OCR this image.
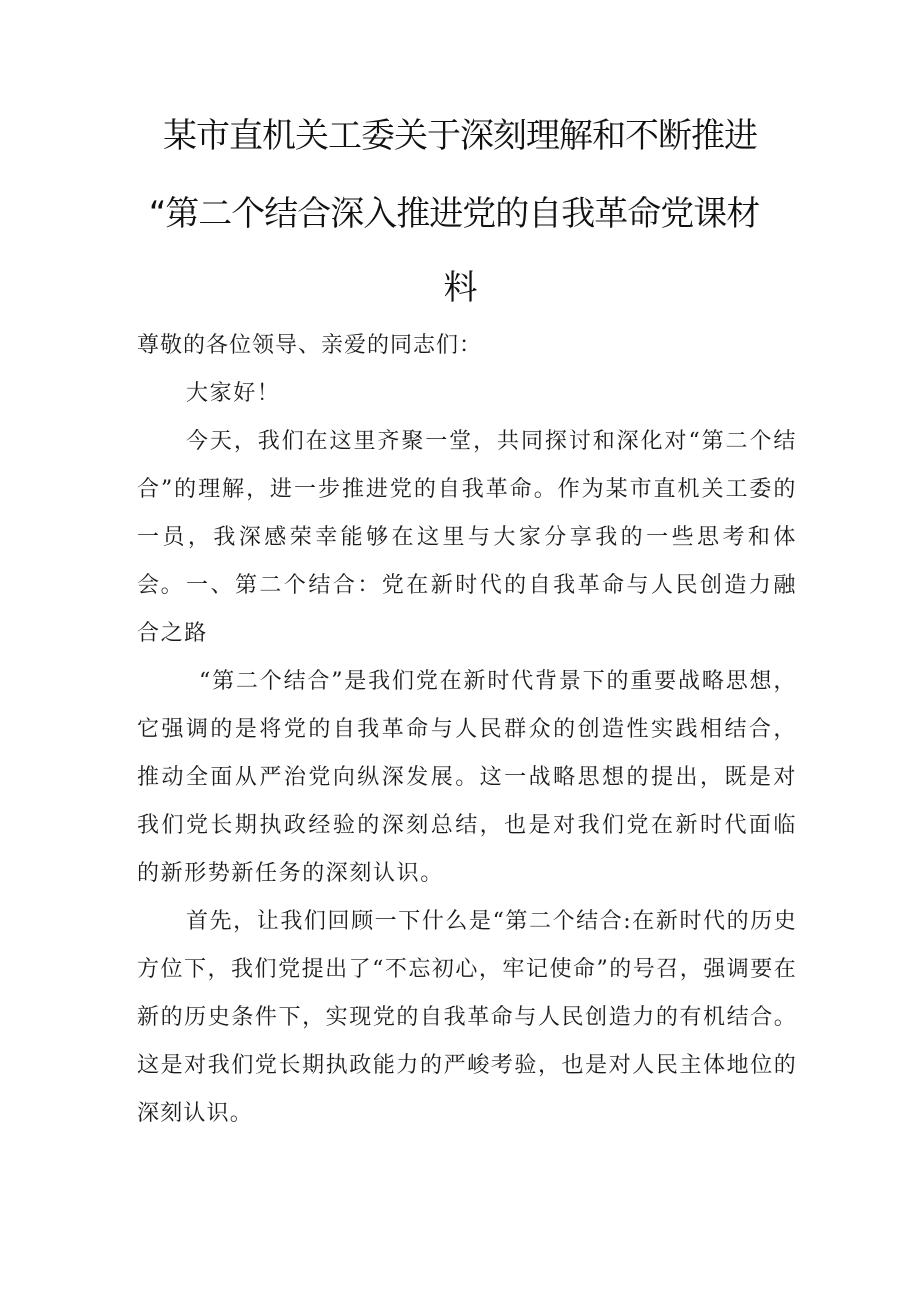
某市直机关工委关于深刻理解和不断推进
“第二个结合深入推进党的自我革命党课材
料
尊敬的各位领导、亲爱的同志们：
大家好！
今天，我们在这里齐聚一堂，共同探讨和深化对“第二个结合”的理解，进一步推进党的自我革命。作为某市直机关工委的一员，我深感荣幸能够在这里与大家分享我的一些思考和体会。 一、第二个结合：党在新时代的自我革命与人民创造力融合之路
“第二个结合”是我们党在新时代背景下的重要战略思想，它强调的是将党的自我革命与人民群众的创造性实践相结合，推动全面从严治党向纵深发展。这一战略思想的提出，既是对我们党长期执政经验的深刻总结，也是对我们党在新时代面临的新形势新任务的深刻认识。
首先，让我们回顾一下什么是“第二个结合:在新时代的历史方位下，我们党提出了“不忘初心，牢记使命”的号召，强调要在新的历史条件下，实现党的自我革命与人民创造力的有机结合。这是对我们党长期执政能力的严峻考验，也是对人民主体地位的深刻认识。
